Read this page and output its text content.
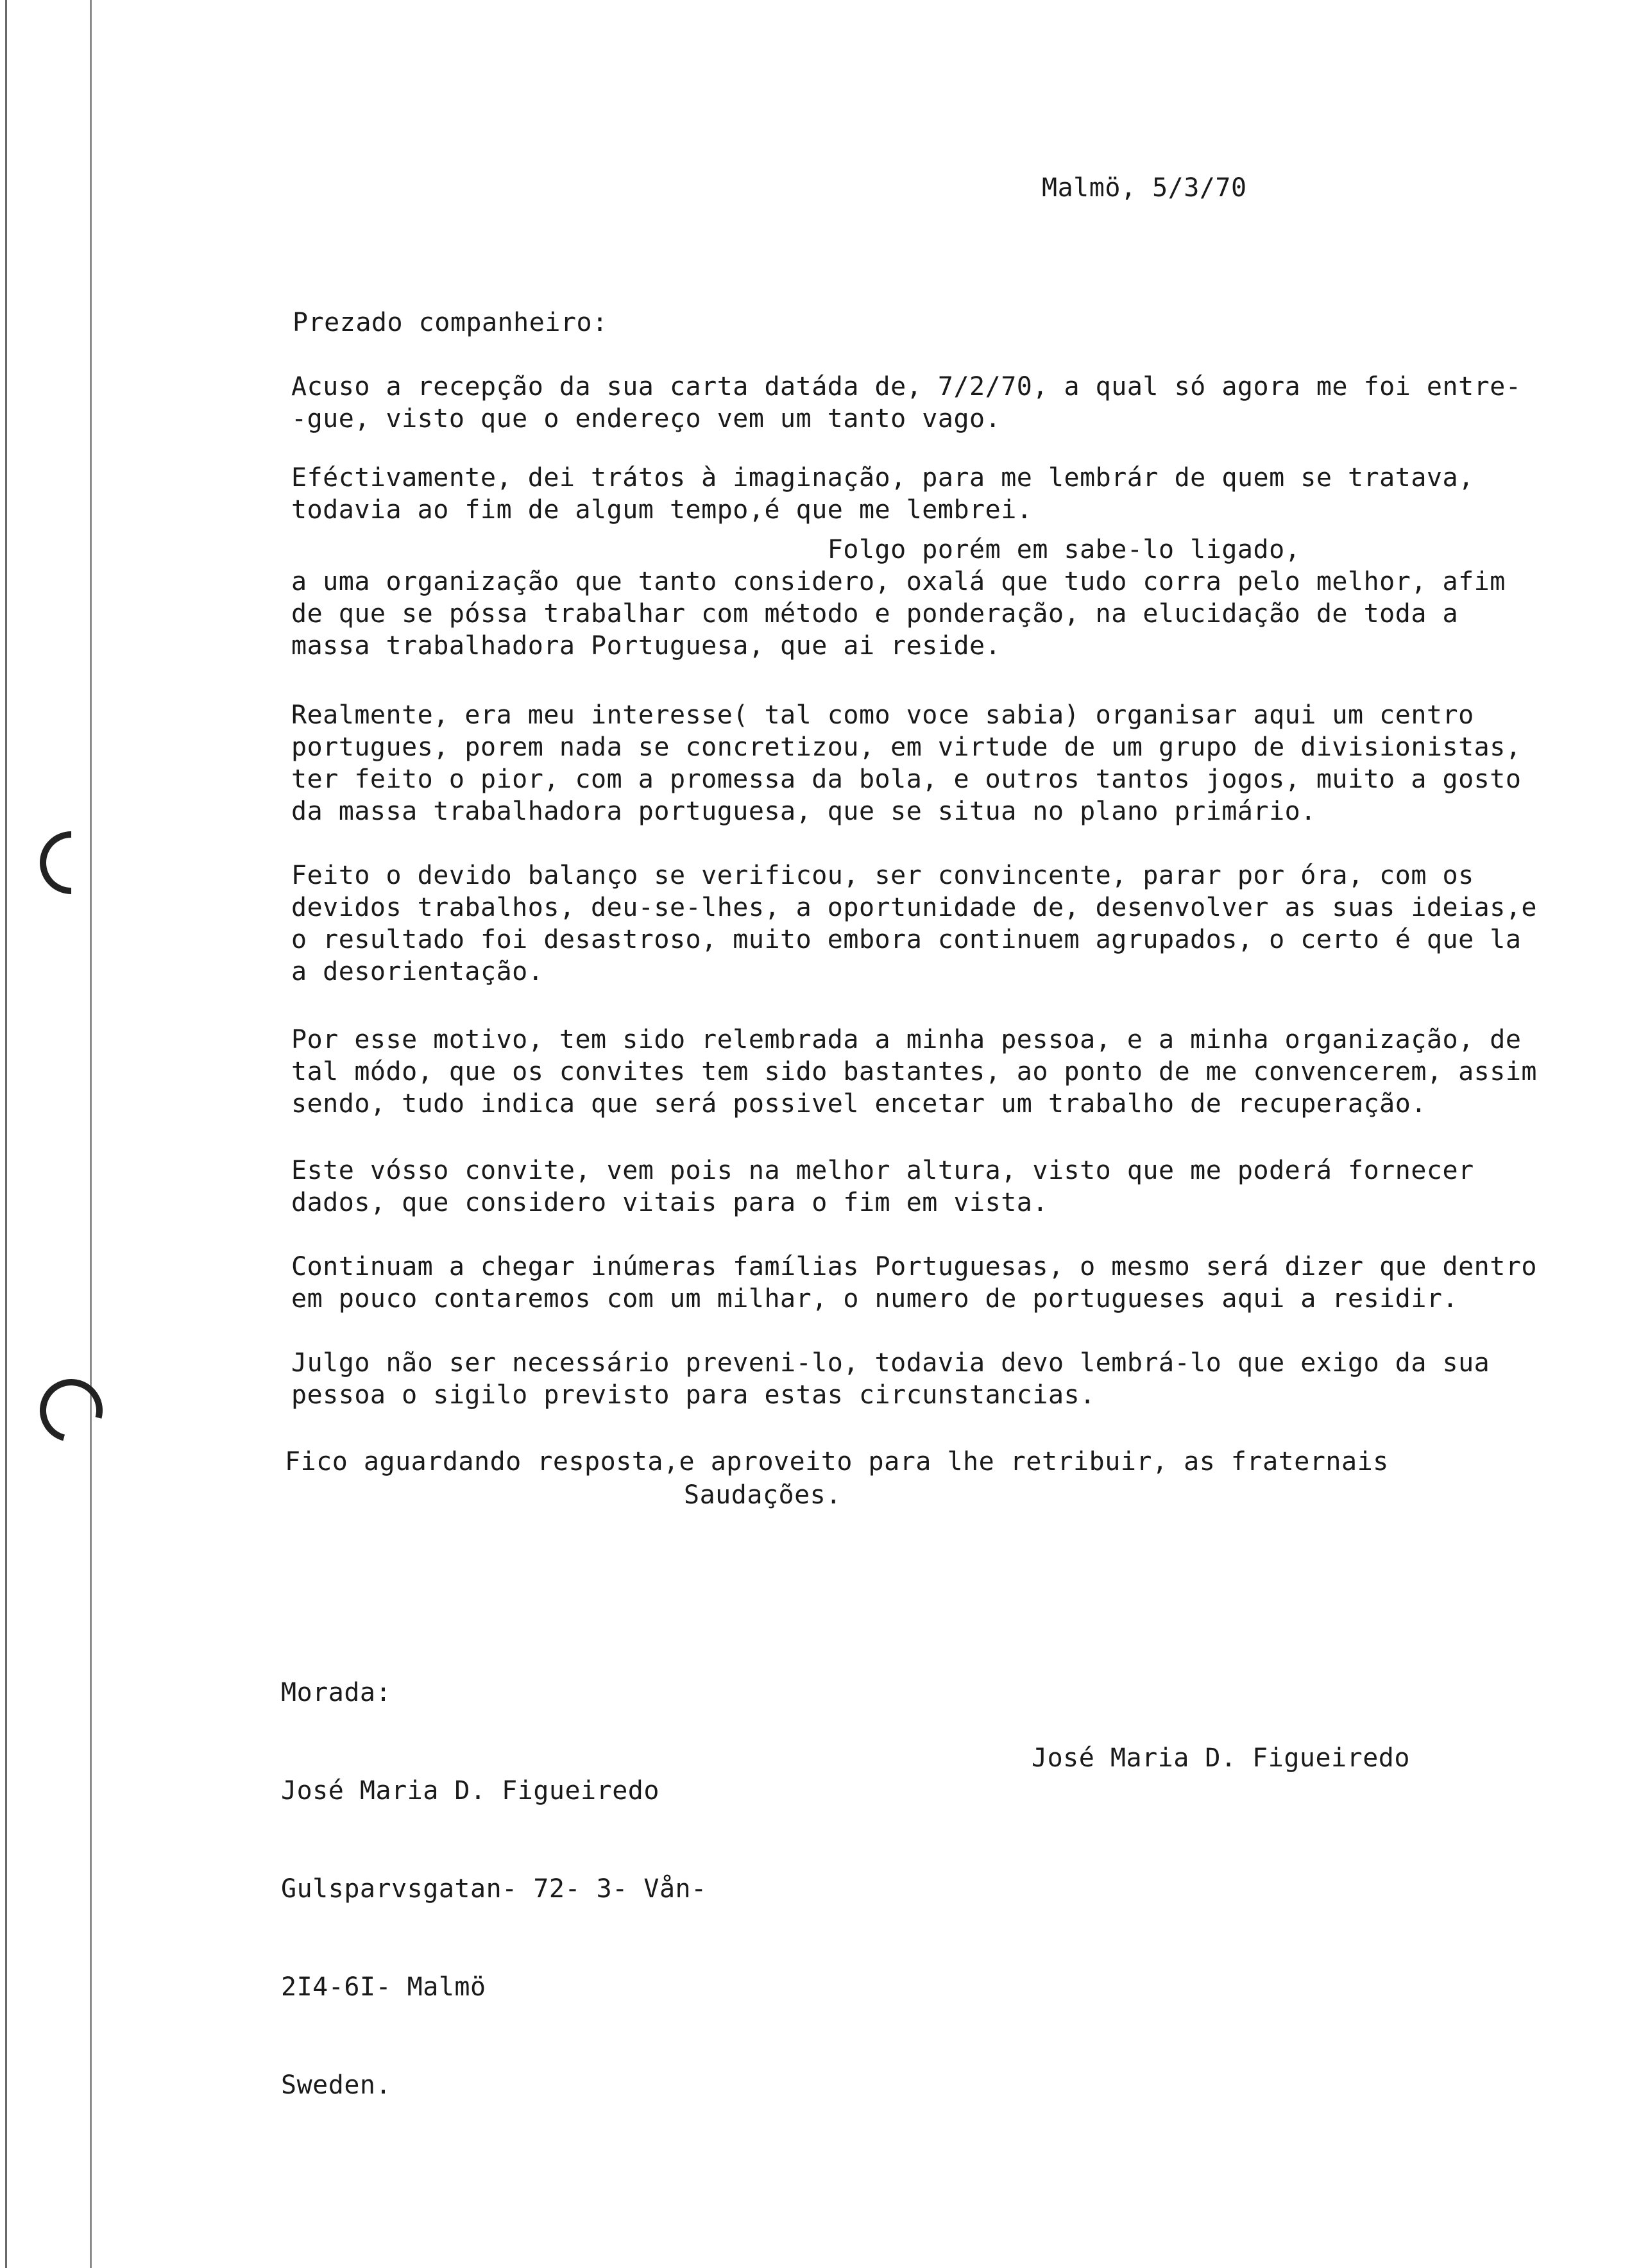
Malmö, 5/3/70
Prezado companheiro:

Acuso a recepção da sua carta datáda de, 7/2/70, a qual só agora me foi entre-
-gue, visto que o endereço vem um tanto vago.

Eféctivamente, dei trátos à imaginação, para me lembrár de quem se tratava,
todavia ao fim de algum tempo,é que me lembrei.

Folgo porém em sabe-lo ligado,
a uma organização que tanto considero, oxalá que tudo corra pelo melhor, afim
de que se póssa trabalhar com método e ponderação, na elucidação de toda a
massa trabalhadora Portuguesa, que ai reside.

Realmente, era meu interesse( tal como voce sabia) organisar aqui um centro
portugues, porem nada se concretizou, em virtude de um grupo de divisionistas,
ter feito o pior, com a promessa da bola, e outros tantos jogos, muito a gosto
da massa trabalhadora portuguesa, que se situa no plano primário.

Feito o devido balanço se verificou, ser convincente, parar por óra, com os
devidos trabalhos, deu-se-lhes, a oportunidade de, desenvolver as suas ideias,e
o resultado foi desastroso, muito embora continuem agrupados, o certo é que la
a desorientação.

Por esse motivo, tem sido relembrada a minha pessoa, e a minha organização, de
tal módo, que os convites tem sido bastantes, ao ponto de me convencerem, assim
sendo, tudo indica que será possivel encetar um trabalho de recuperação.

Este vósso convite, vem pois na melhor altura, visto que me poderá fornecer
dados, que considero vitais para o fim em vista.

Continuam a chegar inúmeras famílias Portuguesas, o mesmo será dizer que dentro
em pouco contaremos com um milhar, o numero de portugueses aqui a residir.

Julgo não ser necessário preveni-lo, todavia devo lembrá-lo que exigo da sua
pessoa o sigilo previsto para estas circunstancias.

Fico aguardando resposta,e aproveito para lhe retribuir, as fraternais

Saudações.

Morada:

José Maria D. Figueiredo

Gulsparvsgatan- 72- 3- Vån-

2I4-6I- Malmö

Sweden.

José Maria D. Figueiredo
